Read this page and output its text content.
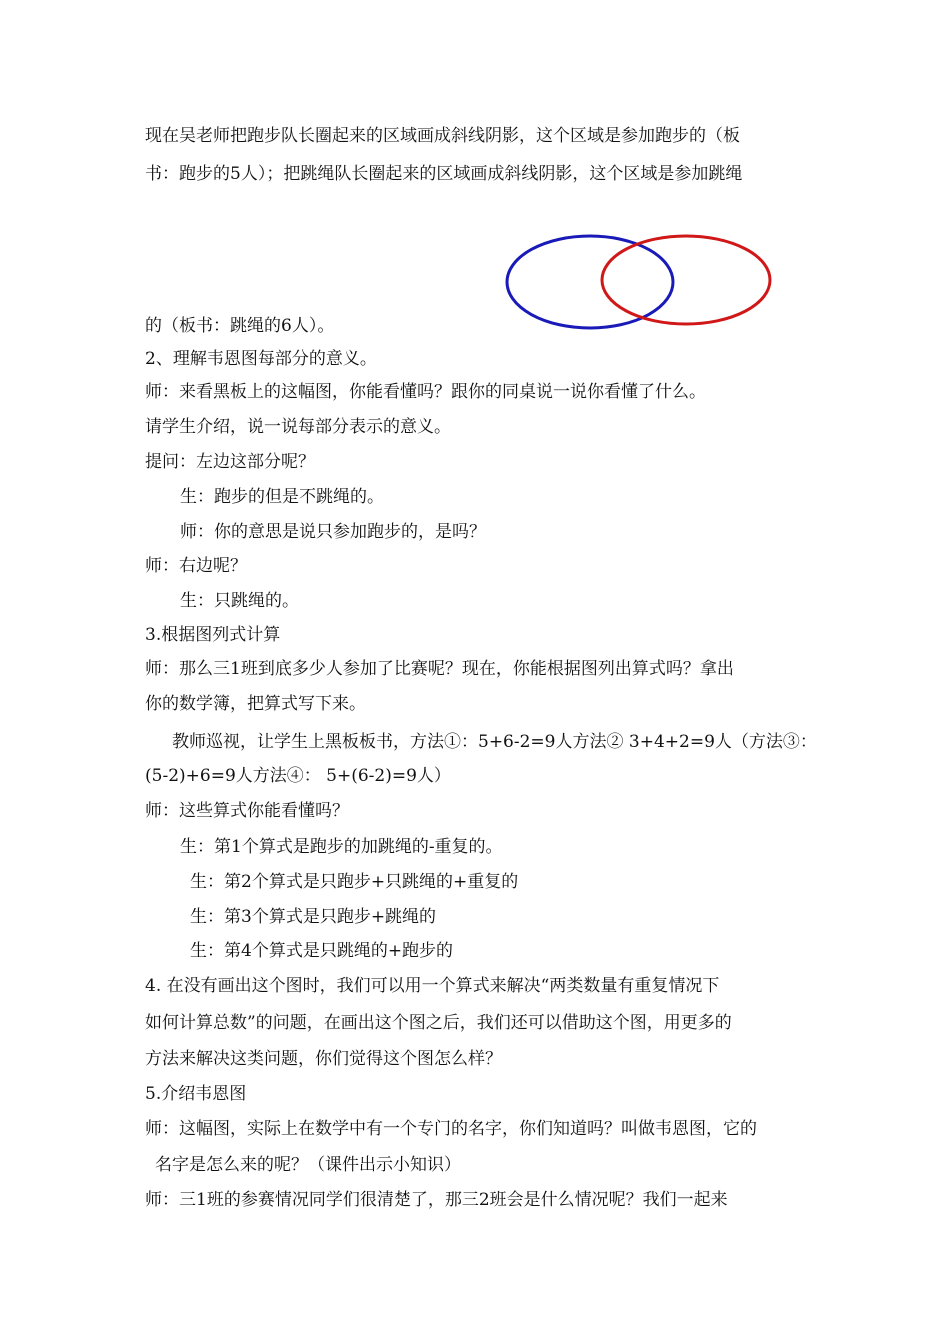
现在吴老师把跑步队长圈起来的区域画成斜线阴影，这个区域是参加跑步的（板
书：跑步的5人）；把跳绳队长圈起来的区域画成斜线阴影，这个区域是参加跳绳
的（板书：跳绳的6人）。
2、理解韦恩图每部分的意义。
师：来看黑板上的这幅图，你能看懂吗？跟你的同桌说一说你看懂了什么。
请学生介绍，说一说每部分表示的意义。
提问：左边这部分呢？
生：跑步的但是不跳绳的。
师：你的意思是说只参加跑步的，是吗？
师：右边呢？
生：只跳绳的。
3.根据图列式计算
师：那么三1班到底多少人参加了比赛呢？现在，你能根据图列出算式吗？拿出
你的数学簿，把算式写下来。
教师巡视，让学生上黑板板书，方法①：5+6-2=9人方法② 3+4+2=9人（方法③：
(5-2)+6=9人方法④： 5+(6-2)=9人）
师：这些算式你能看懂吗？
生：第1个算式是跑步的加跳绳的-重复的。
生：第2个算式是只跑步+只跳绳的+重复的
生：第3个算式是只跑步+跳绳的
生：第4个算式是只跳绳的+跑步的
4. 在没有画出这个图时，我们可以用一个算式来解决“两类数量有重复情况下
如何计算总数”的问题，在画出这个图之后，我们还可以借助这个图，用更多的
方法来解决这类问题，你们觉得这个图怎么样？
5.介绍韦恩图
师：这幅图，实际上在数学中有一个专门的名字，你们知道吗？叫做韦恩图，它的
名字是怎么来的呢？（课件出示小知识）
师：三1班的参赛情况同学们很清楚了，那三2班会是什么情况呢？我们一起来
